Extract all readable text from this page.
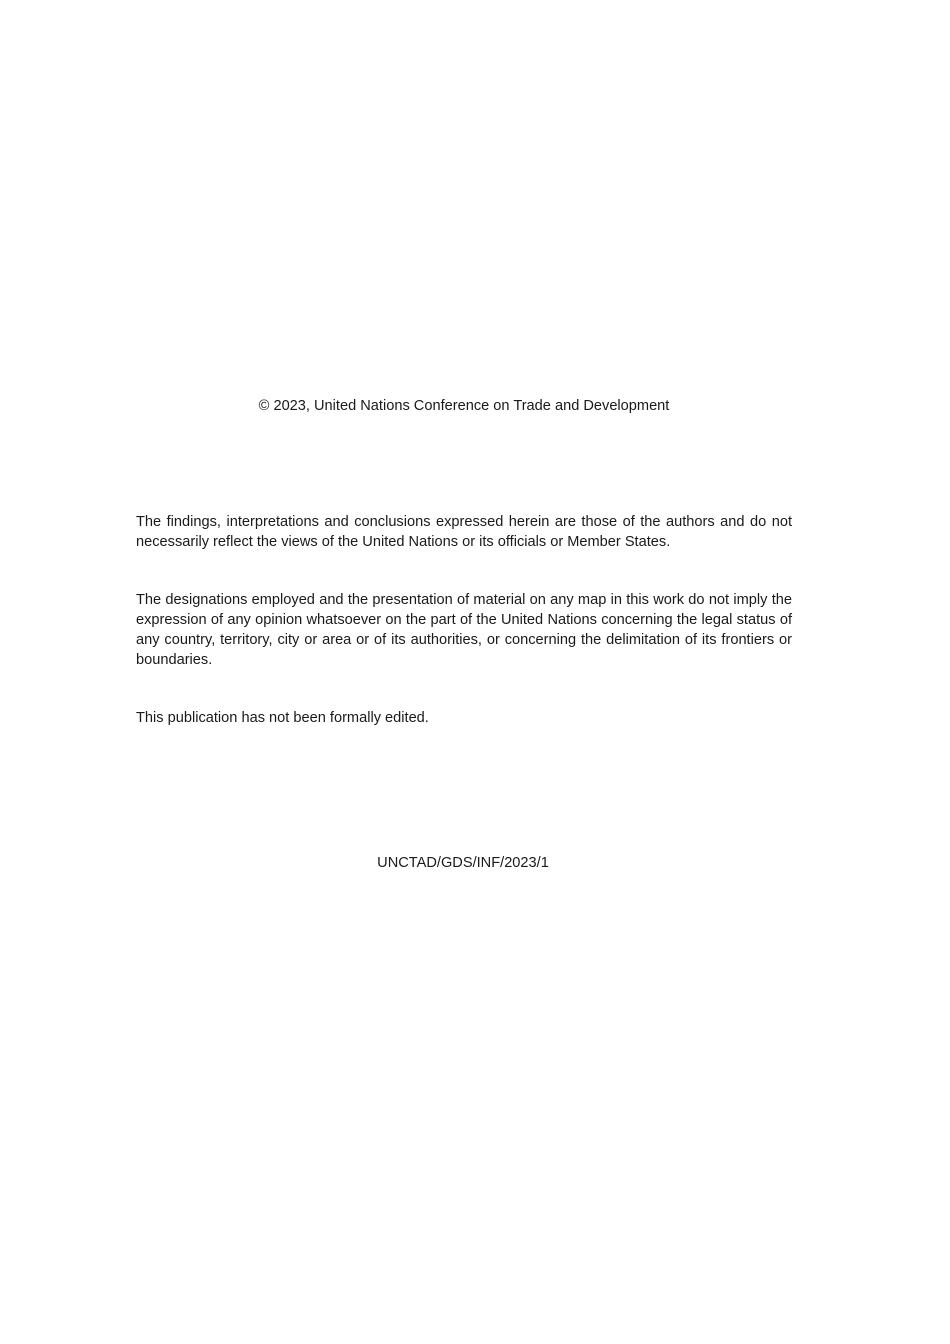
© 2023, United Nations Conference on Trade and Development

The findings, interpretations and conclusions expressed herein are those of the authors and do not necessarily reflect the views of the United Nations or its officials or Member States.

The designations employed and the presentation of material on any map in this work do not imply the expression of any opinion whatsoever on the part of the United Nations concerning the legal status of any country, territory, city or area or of its authorities, or concerning the delimitation of its frontiers or boundaries.

This publication has not been formally edited.

UNCTAD/GDS/INF/2023/1
